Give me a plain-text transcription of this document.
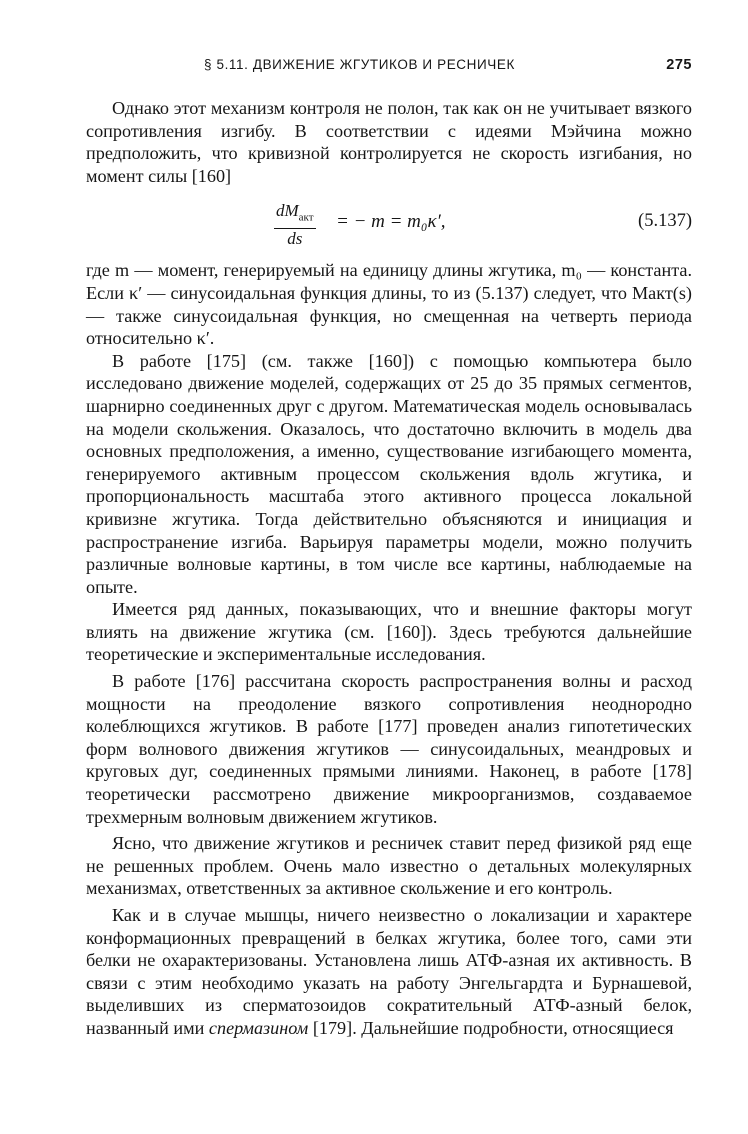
§ 5.11. ДВИЖЕНИЕ ЖГУТИКОВ И РЕСНИЧЕК	275

Однако этот механизм контроля не полон, так как он не учитывает вязкого сопротивления изгибу. В соответствии с идеями Мэйчина можно предположить, что кривизной контролируется не скорость изгибания, но момент силы [160]

$dM_{акт}$
ds
= − m = m₀κ′,	(5.137)

где m — момент, генерируемый на единицу длины жгутика, m₀ — константа. Если κ′ — синусоидальная функция длины, то из (5.137) следует, что Mакт(s) — также синусоидальная функция, но смещенная на четверть периода относительно κ′.

В работе [175] (см. также [160]) с помощью компьютера было исследовано движение моделей, содержащих от 25 до 35 прямых сегментов, шарнирно соединенных друг с другом. Математическая модель основывалась на модели скольжения. Оказалось, что достаточно включить в модель два основных предположения, а именно, существование изгибающего момента, генерируемого активным процессом скольжения вдоль жгутика, и пропорциональность масштаба этого активного процесса локальной кривизне жгутика. Тогда действительно объясняются и инициация и распространение изгиба. Варьируя параметры модели, можно получить различные волновые картины, в том числе все картины, наблюдаемые на опыте.

Имеется ряд данных, показывающих, что и внешние факторы могут влиять на движение жгутика (см. [160]). Здесь требуются дальнейшие теоретические и экспериментальные исследования.

В работе [176] рассчитана скорость распространения волны и расход мощности на преодоление вязкого сопротивления неоднородно колеблющихся жгутиков. В работе [177] проведен анализ гипотетических форм волнового движения жгутиков — синусоидальных, меандровых и круговых дуг, соединенных прямыми линиями. Наконец, в работе [178] теоретически рассмотрено движение микроорганизмов, создаваемое трехмерным волновым движением жгутиков.

Ясно, что движение жгутиков и ресничек ставит перед физикой ряд еще не решенных проблем. Очень мало известно о детальных молекулярных механизмах, ответственных за активное скольжение и его контроль.

Как и в случае мышцы, ничего неизвестно о локализации и характере конформационных превращений в белках жгутика, более того, сами эти белки не охарактеризованы. Установлена лишь АТФ-азная их активность. В связи с этим необходимо указать на работу Энгельгардта и Бурнашевой, выделивших из сперматозоидов сократительный АТФ-азный белок, названный ими спермазином [179]. Дальнейшие подробности, относящиеся
